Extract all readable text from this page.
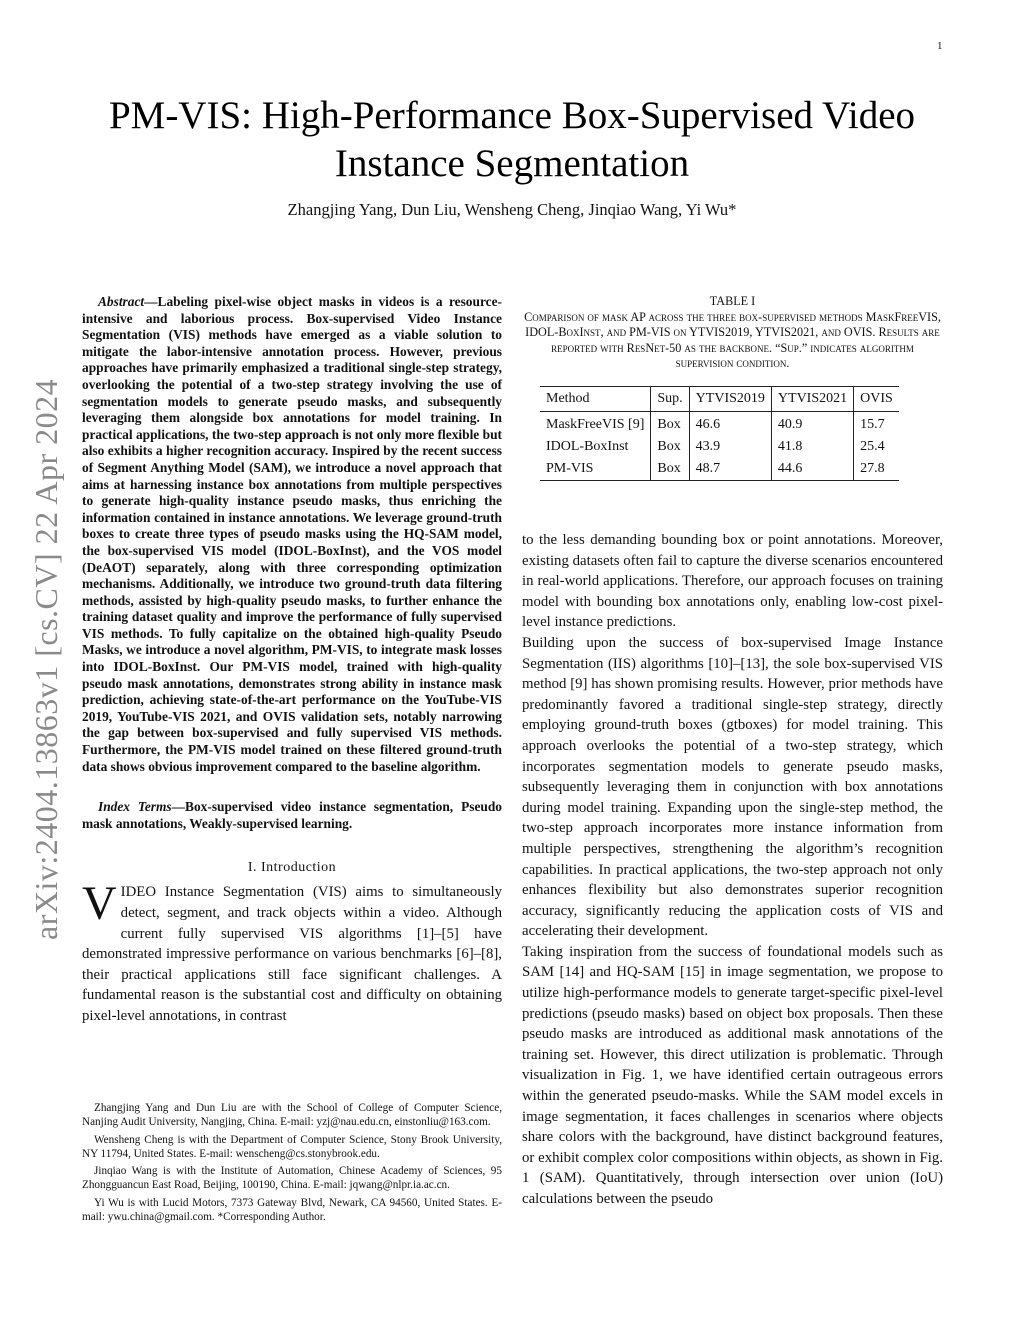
1
arXiv:2404.13863v1 [cs.CV] 22 Apr 2024
PM-VIS: High-Performance Box-Supervised Video
Instance Segmentation
Zhangjing Yang, Dun Liu, Wensheng Cheng, Jinqiao Wang, Yi Wu*

Abstract—Labeling pixel-wise object masks in videos is a resource-intensive and laborious process. Box-supervised Video Instance Segmentation (VIS) methods have emerged as a viable solution to mitigate the labor-intensive annotation process. However, previous approaches have primarily emphasized a traditional single-step strategy, overlooking the potential of a two-step strategy involving the use of segmentation models to generate pseudo masks, and subsequently leveraging them alongside box annotations for model training. In practical applications, the two-step approach is not only more flexible but also exhibits a higher recognition accuracy. Inspired by the recent success of Segment Anything Model (SAM), we introduce a novel approach that aims at harnessing instance box annotations from multiple perspectives to generate high-quality instance pseudo masks, thus enriching the information contained in instance annotations. We leverage ground-truth boxes to create three types of pseudo masks using the HQ-SAM model, the box-supervised VIS model (IDOL-BoxInst), and the VOS model (DeAOT) separately, along with three corresponding optimization mechanisms. Additionally, we introduce two ground-truth data filtering methods, assisted by high-quality pseudo masks, to further enhance the training dataset quality and improve the performance of fully supervised VIS methods. To fully capitalize on the obtained high-quality Pseudo Masks, we introduce a novel algorithm, PM-VIS, to integrate mask losses into IDOL-BoxInst. Our PM-VIS model, trained with high-quality pseudo mask annotations, demonstrates strong ability in instance mask prediction, achieving state-of-the-art performance on the YouTube-VIS 2019, YouTube-VIS 2021, and OVIS validation sets, notably narrowing the gap between box-supervised and fully supervised VIS methods. Furthermore, the PM-VIS model trained on these filtered ground-truth data shows obvious improvement compared to the baseline algorithm.

Index Terms—Box-supervised video instance segmentation, Pseudo mask annotations, Weakly-supervised learning.

I. Introduction

VIDEO Instance Segmentation (VIS) aims to simultaneously detect, segment, and track objects within a video. Although current fully supervised VIS algorithms [1]–[5] have demonstrated impressive performance on various benchmarks [6]–[8], their practical applications still face significant challenges. A fundamental reason is the substantial cost and difficulty on obtaining pixel-level annotations, in contrast

Zhangjing Yang and Dun Liu are with the School of College of Computer Science, Nanjing Audit University, Nangjing, China. E-mail: yzj@nau.edu.cn, einstonliu@163.com.

Wensheng Cheng is with the Department of Computer Science, Stony Brook University, NY 11794, United States. E-mail: wenscheng@cs.stonybrook.edu.

Jinqiao Wang is with the Institute of Automation, Chinese Academy of Sciences, 95 Zhongguancun East Road, Beijing, 100190, China. E-mail: jqwang@nlpr.ia.ac.cn.

Yi Wu is with Lucid Motors, 7373 Gateway Blvd, Newark, CA 94560, United States. E-mail: ywu.china@gmail.com. *Corresponding Author.

TABLE I

Comparison of mask AP across the three box-supervised methods MaskFreeVIS, IDOL-BoxInst, and PM-VIS on YTVIS2019, YTVIS2021, and OVIS. Results are reported with ResNet-50 as the backbone. “Sup.” indicates algorithm supervision condition.

Method	Sup.	YTVIS2019	YTVIS2021	OVIS
MaskFreeVIS [9]	Box	46.6	40.9	15.7
IDOL-BoxInst	Box	43.9	41.8	25.4
PM-VIS	Box	48.7	44.6	27.8

to the less demanding bounding box or point annotations. Moreover, existing datasets often fail to capture the diverse scenarios encountered in real-world applications. Therefore, our approach focuses on training model with bounding box annotations only, enabling low-cost pixel-level instance predictions.

Building upon the success of box-supervised Image Instance Segmentation (IIS) algorithms [10]–[13], the sole box-supervised VIS method [9] has shown promising results. However, prior methods have predominantly favored a traditional single-step strategy, directly employing ground-truth boxes (gtboxes) for model training. This approach overlooks the potential of a two-step strategy, which incorporates segmentation models to generate pseudo masks, subsequently leveraging them in conjunction with box annotations during model training. Expanding upon the single-step method, the two-step approach incorporates more instance information from multiple perspectives, strengthening the algorithm’s recognition capabilities. In practical applications, the two-step approach not only enhances flexibility but also demonstrates superior recognition accuracy, significantly reducing the application costs of VIS and accelerating their development.

Taking inspiration from the success of foundational models such as SAM [14] and HQ-SAM [15] in image segmentation, we propose to utilize high-performance models to generate target-specific pixel-level predictions (pseudo masks) based on object box proposals. Then these pseudo masks are introduced as additional mask annotations of the training set. However, this direct utilization is problematic. Through visualization in Fig. 1, we have identified certain outrageous errors within the generated pseudo-masks. While the SAM model excels in image segmentation, it faces challenges in scenarios where objects share colors with the background, have distinct background features, or exhibit complex color compositions within objects, as shown in Fig. 1 (SAM). Quantitatively, through intersection over union (IoU) calculations between the pseudo
